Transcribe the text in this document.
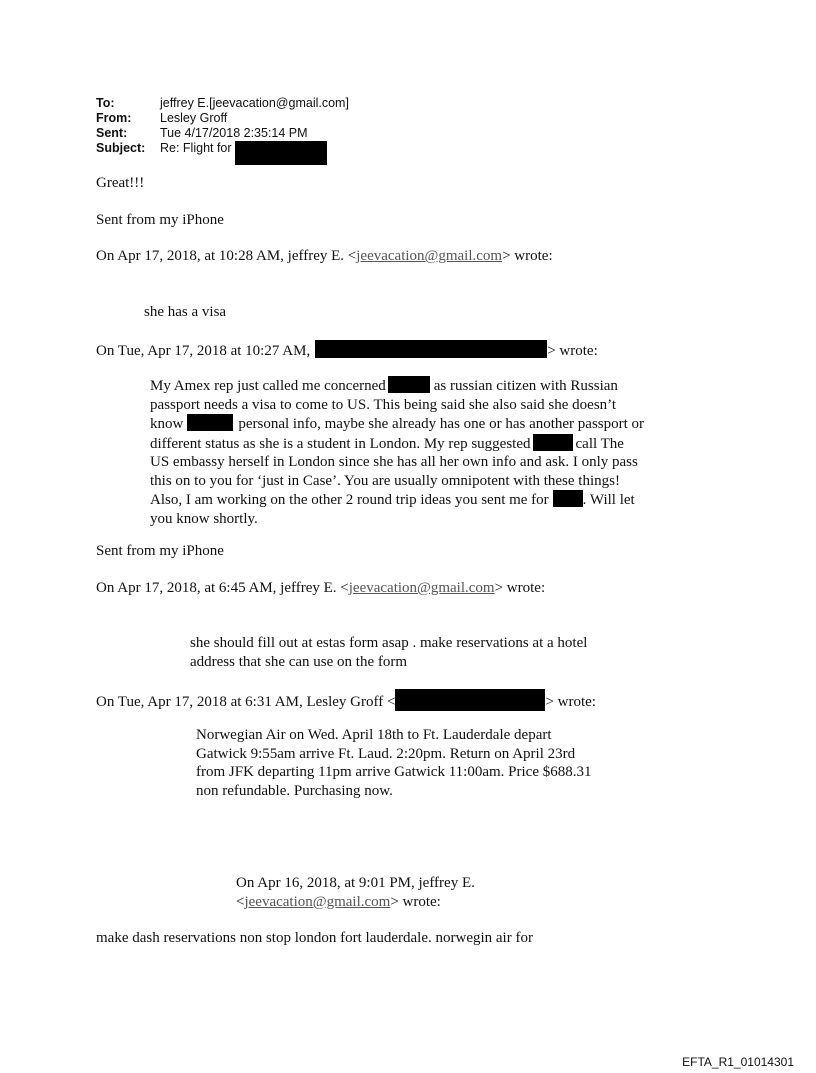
To:	jeffrey E.[jeevacation@gmail.com]
From:	Lesley Groff
Sent:	Tue 4/17/2018 2:35:14 PM
Subject:	Re: Flight for
Great!!!
Sent from my iPhone
On Apr 17, 2018, at 10:28 AM, jeffrey E. <jeevacation@gmail.com> wrote:
she has a visa
On Tue, Apr 17, 2018 at 10:27 AM,	> wrote:
My Amex rep just called me concerned	as russian citizen with Russian
passport needs a visa to come to US. This being said she also said she doesn’t
know	personal info, maybe she already has one or has another passport or
different status as she is a student in London. My rep suggested	call The
US embassy herself in London since she has all her own info and ask. I only pass
this on to you for ‘just in Case’. You are usually omnipotent with these things!
Also, I am working on the other 2 round trip ideas you sent me for . Will let
you know shortly.
Sent from my iPhone
On Apr 17, 2018, at 6:45 AM, jeffrey E. <jeevacation@gmail.com> wrote:
she should fill out at estas form asap . make reservations at a hotel
address that she can use on the form
On Tue, Apr 17, 2018 at 6:31 AM, Lesley Groff <	> wrote:
Norwegian Air on Wed. April 18th to Ft. Lauderdale depart
Gatwick 9:55am arrive Ft. Laud. 2:20pm. Return on April 23rd
from JFK departing 11pm arrive Gatwick 11:00am. Price $688.31
non refundable. Purchasing now.
On Apr 16, 2018, at 9:01 PM, jeffrey E.
<jeevacation@gmail.com> wrote:
make dash reservations non stop london fort lauderdale. norwegin air for
EFTA_R1_01014301
